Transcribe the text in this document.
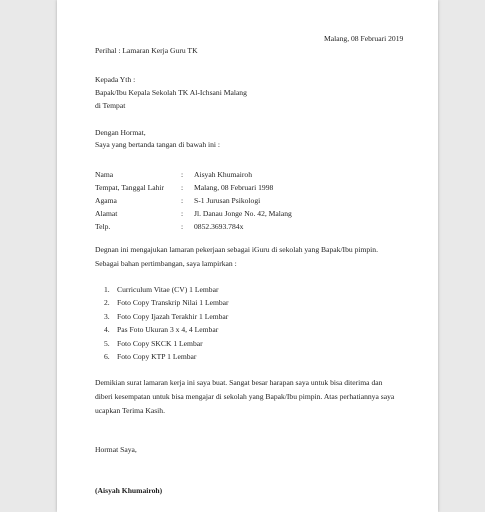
Malang, 08 Februari 2019
Perihal : Lamaran Kerja Guru TK
Kepada Yth :
Bapak/Ibu Kepala Sekolah TK Al-Ichsani Malang
di Tempat
Dengan Hormat,
Saya yang bertanda tangan di bawah ini :
Nama	: Aisyah Khumairoh
Tempat, Tanggal Lahir : Malang, 08 Februari 1998
Agama	: S-1 Jurusan Psikologi
Alamat	: Jl. Danau Jonge No. 42, Malang
Telp.	: 0852.3693.784x
Degnan ini mengajukan lamaran pekerjaan sebagai iGuru di sekolah yang Bapak/Ibu pimpin.
Sebagai bahan pertimbangan, saya lampirkan :
1. Curriculum Vitae (CV) 1 Lembar
2. Foto Copy Transkrip Nilai 1 Lembar
3. Foto Copy Ijazah Terakhir 1 Lembar
4. Pas Foto Ukuran 3 x 4, 4 Lembar
5. Foto Copy SKCK 1 Lembar
6. Foto Copy KTP 1 Lembar
Demikian surat lamaran kerja ini saya buat. Sangat besar harapan saya untuk bisa diterima dan
diberi kesempatan untuk bisa mengajar di sekolah yang Bapak/Ibu pimpin. Atas perhatiannya saya
ucapkan Terima Kasih.
Hormat Saya,
(Aisyah Khumairoh)
